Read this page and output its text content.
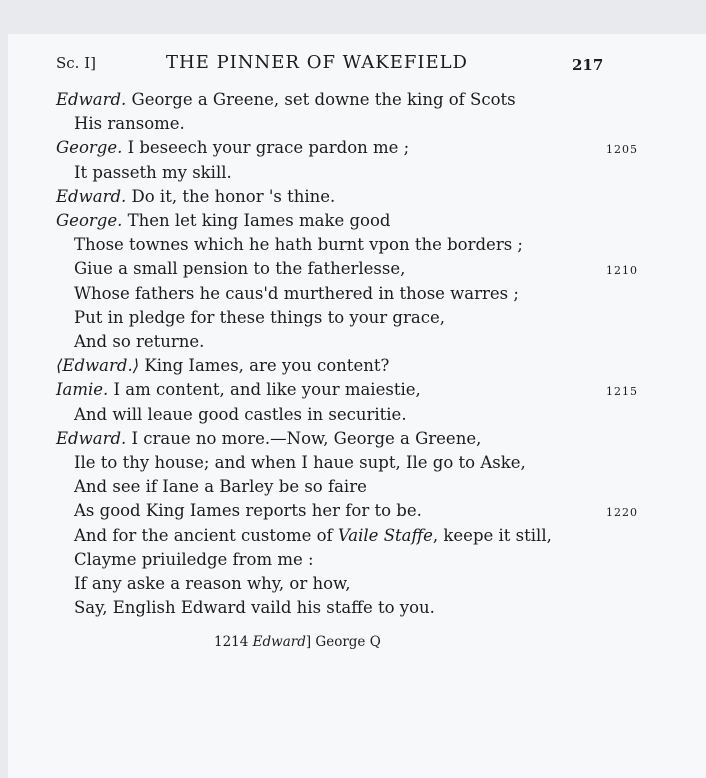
Sc. I]	THE PINNER OF WAKEFIELD	217
Edward. George a Greene, set downe the king of Scots
His ransome.
George. I beseech your grace pardon me ;
It passeth my skill.
Edward. Do it, the honor 's thine.
George. Then let king Iames make good
Those townes which he hath burnt vpon the borders ;
Giue a small pension to the fatherlesse,
Whose fathers he caus'd murthered in those warres ;
Put in pledge for these things to your grace,
And so returne.
⟨Edward.⟩ King Iames, are you content?
Iamie. I am content, and like your maiestie,
And will leaue good castles in securitie.
Edward. I craue no more.—Now, George a Greene,
Ile to thy house; and when I haue supt, Ile go to Aske,
And see if Iane a Barley be so faire
As good King Iames reports her for to be.
And for the ancient custome of Vaile Staffe, keepe it still,
Clayme priuiledge from me :
If any aske a reason why, or how,
Say, English Edward vaild his staffe to you.
1205
1210
1215
1220
1214 Edward] George Q
